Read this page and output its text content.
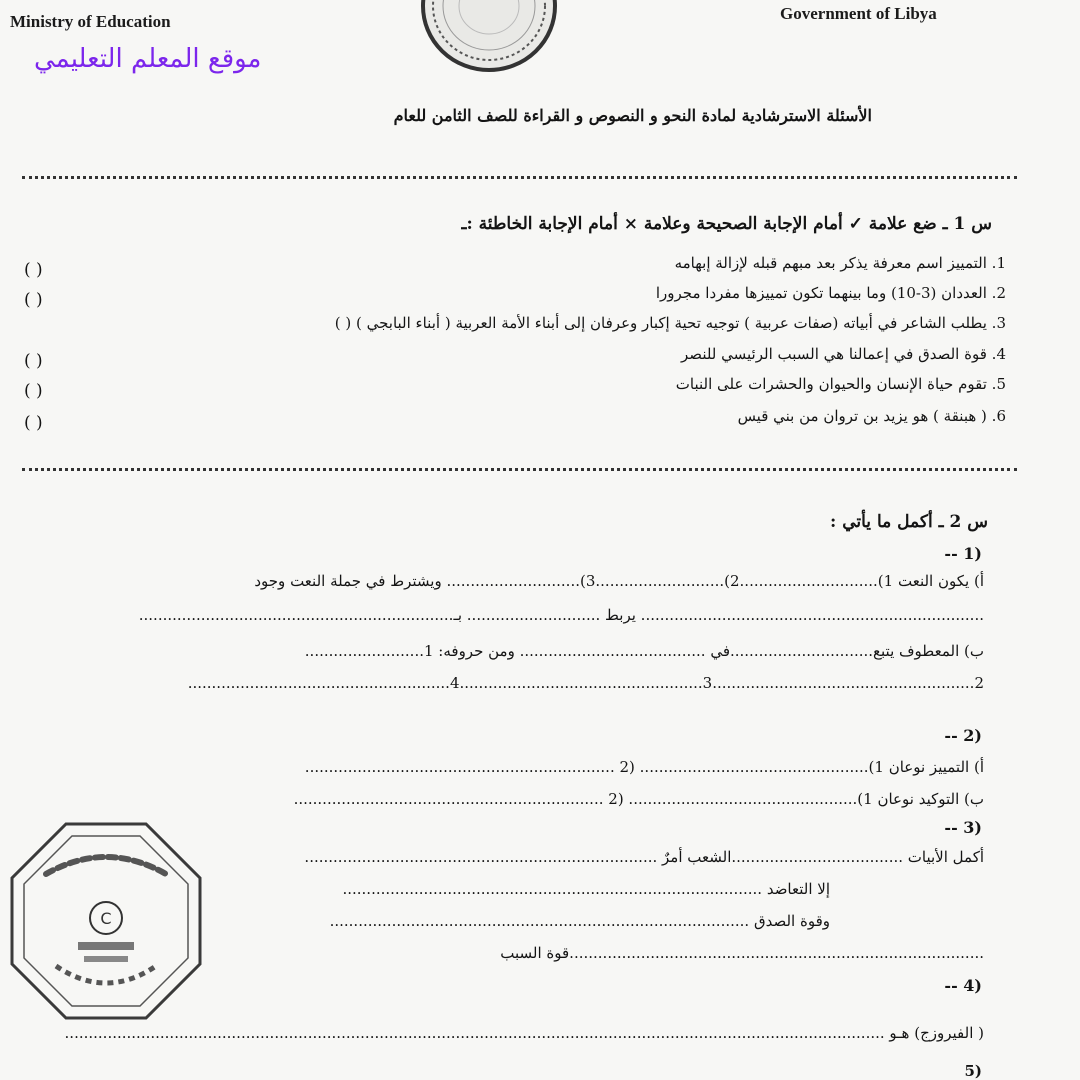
Ministry of Education	Government of Libya
موقع المعلم التعليمي
الأسئلة الاسترشادية لمادة النحو و النصوص و القراءة للصف الثامن للعام
س 1 ـ ضع علامة ✓ أمام الإجابة الصحيحة وعلامة × أمام الإجابة الخاطئة :ـ
1. التمييز اسم معرفة يذكر بعد مبهم قبله لإزالة إبهامه
( )
2. العددان (3-10) وما بينهما تكون تمييزها مفردا مجرورا
( )
3. يطلب الشاعر في أبياته (صفات عربية ) توجيه تحية إكبار وعرفان إلى أبناء الأمة العربية ( أبناء البابجي ) ( )
4. قوة الصدق في إعمالنا هي السبب الرئيسي للنصر
( )
5. تقوم حياة الإنسان والحيوان والحشرات على النبات
( )
6. ( هبنقة ) هو يزيد بن تروان من بني قيس
( )
س 2 ـ أكمل ما يأتي :
(1 --
أ) يكون النعت 1).............................2)...........................3)............................ ويشترط في جملة النعت وجود
........................................................................ يربط ............................ بـ..................................................................
ب) المعطوف يتبع..............................في ....................................... ومن حروفه: 1.........................
2.......................................................3...................................................4.......................................................
(2 --
أ) التمييز نوعان 1)................................................ (2 .................................................................
ب) التوكيد نوعان 1)................................................ (2 .................................................................
(3 --
أكمل الأبيات ....................................الشعب أمرٌ ..........................................................................
إلا التعاضد ........................................................................................
وقوة الصدق ........................................................................................
.......................................................................................قوة السبب
(4 --
( الفيروزج) هـو ............................................................................................................................................................................
(5
C
